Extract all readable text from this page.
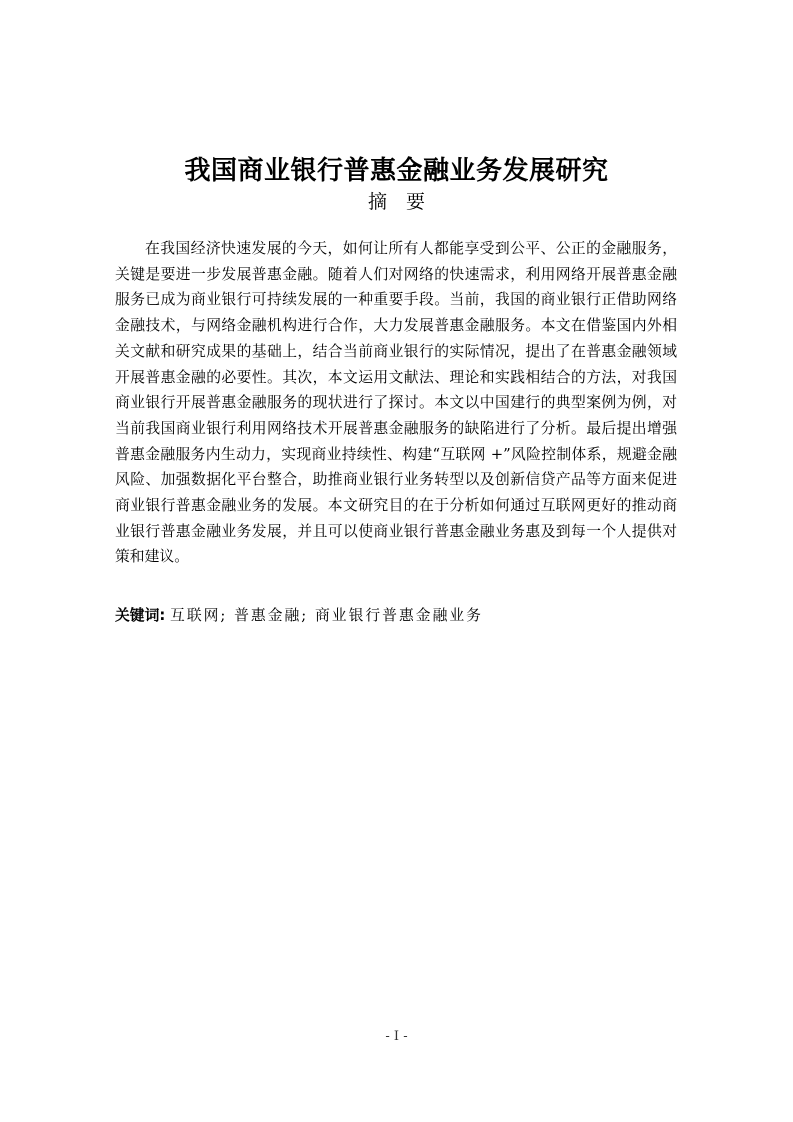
我国商业银行普惠金融业务发展研究
摘　要

在我国经济快速发展的今天，如何让所有人都能享受到公平、公正的金融服务，关键是要进一步发展普惠金融。随着人们对网络的快速需求，利用网络开展普惠金融服务已成为商业银行可持续发展的一种重要手段。当前，我国的商业银行正借助网络金融技术，与网络金融机构进行合作，大力发展普惠金融服务。本文在借鉴国内外相关文献和研究成果的基础上，结合当前商业银行的实际情况，提出了在普惠金融领域开展普惠金融的必要性。其次，本文运用文献法、理论和实践相结合的方法，对我国商业银行开展普惠金融服务的现状进行了探讨。本文以中国建行的典型案例为例，对当前我国商业银行利用网络技术开展普惠金融服务的缺陷进行了分析。最后提出增强普惠金融服务内生动力，实现商业持续性、构建“互联网 +”风险控制体系，规避金融风险、加强数据化平台整合，助推商业银行业务转型以及创新信贷产品等方面来促进商业银行普惠金融业务的发展。本文研究目的在于分析如何通过互联网更好的推动商业银行普惠金融业务发展，并且可以使商业银行普惠金融业务惠及到每一个人提供对策和建议。

关键词: 互联网; 普惠金融; 商业银行普惠金融业务
- I -
